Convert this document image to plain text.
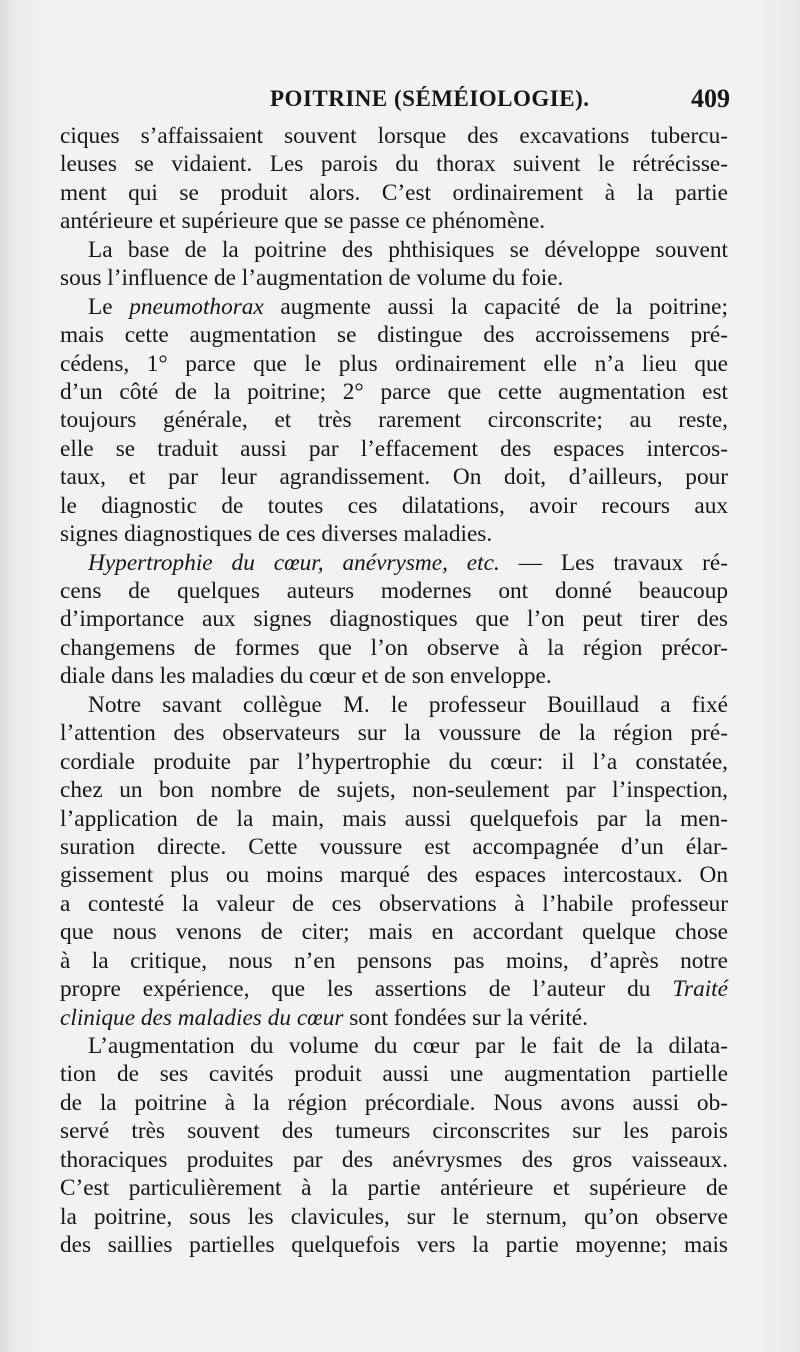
POITRINE (SÉMÉIOLOGIE).	409
ciques s’affaissaient souvent lorsque des excavations tubercu-
leuses se vidaient. Les parois du thorax suivent le rétrécisse-
ment qui se produit alors. C’est ordinairement à la partie
antérieure et supérieure que se passe ce phénomène.
La base de la poitrine des phthisiques se développe souvent
sous l’influence de l’augmentation de volume du foie.
Le pneumothorax augmente aussi la capacité de la poitrine;
mais cette augmentation se distingue des accroissemens pré-
cédens, 1° parce que le plus ordinairement elle n’a lieu que
d’un côté de la poitrine; 2° parce que cette augmentation est
toujours générale, et très rarement circonscrite; au reste,
elle se traduit aussi par l’effacement des espaces intercos-
taux, et par leur agrandissement. On doit, d’ailleurs, pour
le diagnostic de toutes ces dilatations, avoir recours aux
signes diagnostiques de ces diverses maladies.
Hypertrophie du cœur, anévrysme, etc. — Les travaux ré-
cens de quelques auteurs modernes ont donné beaucoup
d’importance aux signes diagnostiques que l’on peut tirer des
changemens de formes que l’on observe à la région précor-
diale dans les maladies du cœur et de son enveloppe.
Notre savant collègue M. le professeur Bouillaud a fixé
l’attention des observateurs sur la voussure de la région pré-
cordiale produite par l’hypertrophie du cœur: il l’a constatée,
chez un bon nombre de sujets, non-seulement par l’inspection,
l’application de la main, mais aussi quelquefois par la men-
suration directe. Cette voussure est accompagnée d’un élar-
gissement plus ou moins marqué des espaces intercostaux. On
a contesté la valeur de ces observations à l’habile professeur
que nous venons de citer; mais en accordant quelque chose
à la critique, nous n’en pensons pas moins, d’après notre
propre expérience, que les assertions de l’auteur du Traité
clinique des maladies du cœur sont fondées sur la vérité.
L’augmentation du volume du cœur par le fait de la dilata-
tion de ses cavités produit aussi une augmentation partielle
de la poitrine à la région précordiale. Nous avons aussi ob-
servé très souvent des tumeurs circonscrites sur les parois
thoraciques produites par des anévrysmes des gros vaisseaux.
C’est particulièrement à la partie antérieure et supérieure de
la poitrine, sous les clavicules, sur le sternum, qu’on observe
des saillies partielles quelquefois vers la partie moyenne; mais
